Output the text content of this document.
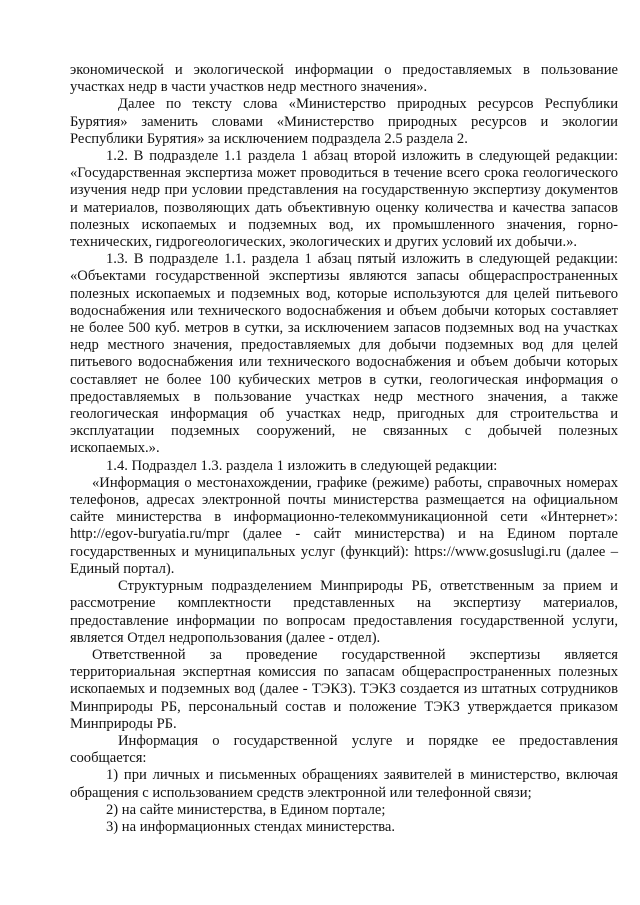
экономической и экологической информации о предоставляемых в пользование участках недр в части участков недр местного значения».

Далее по тексту слова «Министерство природных ресурсов Республики Бурятия» заменить словами «Министерство природных ресурсов и экологии Республики Бурятия» за исключением подраздела 2.5 раздела 2.

1.2. В подразделе 1.1 раздела 1 абзац второй изложить в следующей редакции: «Государственная экспертиза может проводиться в течение всего срока геологического изучения недр при условии представления на государственную экспертизу документов и материалов, позволяющих дать объективную оценку количества и качества запасов полезных ископаемых и подземных вод, их промышленного значения, горно-технических, гидрогеологических, экологических и других условий их добычи.».

1.3. В подразделе 1.1. раздела 1 абзац пятый изложить в следующей редакции: «Объектами государственной экспертизы являются запасы общераспространенных полезных ископаемых и подземных вод, которые используются для целей питьевого водоснабжения или технического водоснабжения и объем добычи которых составляет не более 500 куб. метров в сутки, за исключением запасов подземных вод на участках недр местного значения, предоставляемых для добычи подземных вод для целей питьевого водоснабжения или технического водоснабжения и объем добычи которых составляет не более 100 кубических метров в сутки, геологическая информация о предоставляемых в пользование участках недр местного значения, а также геологическая информация об участках недр, пригодных для строительства и эксплуатации подземных сооружений, не связанных с добычей полезных ископаемых.».

1.4. Подраздел 1.3. раздела 1 изложить в следующей редакции:

«Информация о местонахождении, графике (режиме) работы, справочных номерах телефонов, адресах электронной почты министерства размещается на официальном сайте министерства в информационно-телекоммуникационной сети «Интернет»: http://egov-buryatia.ru/mpr (далее - сайт министерства) и на Едином портале государственных и муниципальных услуг (функций): https://www.gosuslugi.ru (далее – Единый портал).

Структурным подразделением Минприроды РБ, ответственным за прием и рассмотрение комплектности представленных на экспертизу материалов, предоставление информации по вопросам предоставления государственной услуги, является Отдел недропользования (далее - отдел).

Ответственной за проведение государственной экспертизы является территориальная экспертная комиссия по запасам общераспространенных полезных ископаемых и подземных вод (далее - ТЭКЗ). ТЭКЗ создается из штатных сотрудников Минприроды РБ, персональный состав и положение ТЭКЗ утверждается приказом Минприроды РБ.

Информация о государственной услуге и порядке ее предоставления сообщается:

1) при личных и письменных обращениях заявителей в министерство, включая обращения с использованием средств электронной или телефонной связи;

2) на сайте министерства, в Едином портале;

3) на информационных стендах министерства.
